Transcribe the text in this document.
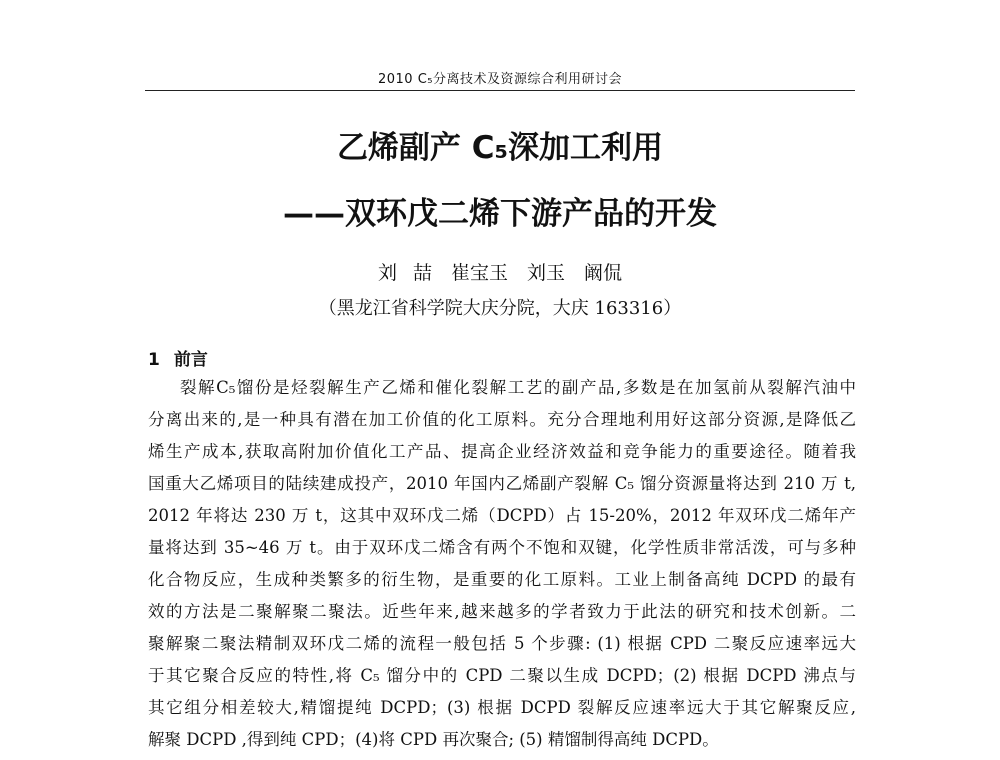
2010 C₅分离技术及资源综合利用研讨会
乙烯副产 C₅深加工利用
——双环戊二烯下游产品的开发
刘 喆　崔宝玉　刘玉　阚侃
（黑龙江省科学院大庆分院，大庆 163316）
1 前言
裂解C₅馏份是烃裂解生产乙烯和催化裂解工艺的副产品,多数是在加氢前从裂解汽油中
分离出来的,是一种具有潜在加工价值的化工原料。充分合理地利用好这部分资源,是降低乙
烯生产成本,获取高附加价值化工产品、提高企业经济效益和竞争能力的重要途径。随着我
国重大乙烯项目的陆续建成投产，2010 年国内乙烯副产裂解 C₅ 馏分资源量将达到 210 万 t,
2012 年将达 230 万 t，这其中双环戊二烯（DCPD）占 15-20%，2012 年双环戊二烯年产
量将达到 35~46 万 t。由于双环戊二烯含有两个不饱和双键，化学性质非常活泼，可与多种
化合物反应，生成种类繁多的衍生物，是重要的化工原料。工业上制备高纯 DCPD 的最有
效的方法是二聚解聚二聚法。近些年来,越来越多的学者致力于此法的研究和技术创新。二
聚解聚二聚法精制双环戊二烯的流程一般包括 5 个步骤: (1) 根据 CPD 二聚反应速率远大
于其它聚合反应的特性,将 C₅ 馏分中的 CPD 二聚以生成 DCPD；(2) 根据 DCPD 沸点与
其它组分相差较大,精馏提纯 DCPD；(3) 根据 DCPD 裂解反应速率远大于其它解聚反应,
解聚 DCPD ,得到纯 CPD；(4)将 CPD 再次聚合; (5) 精馏制得高纯 DCPD。
